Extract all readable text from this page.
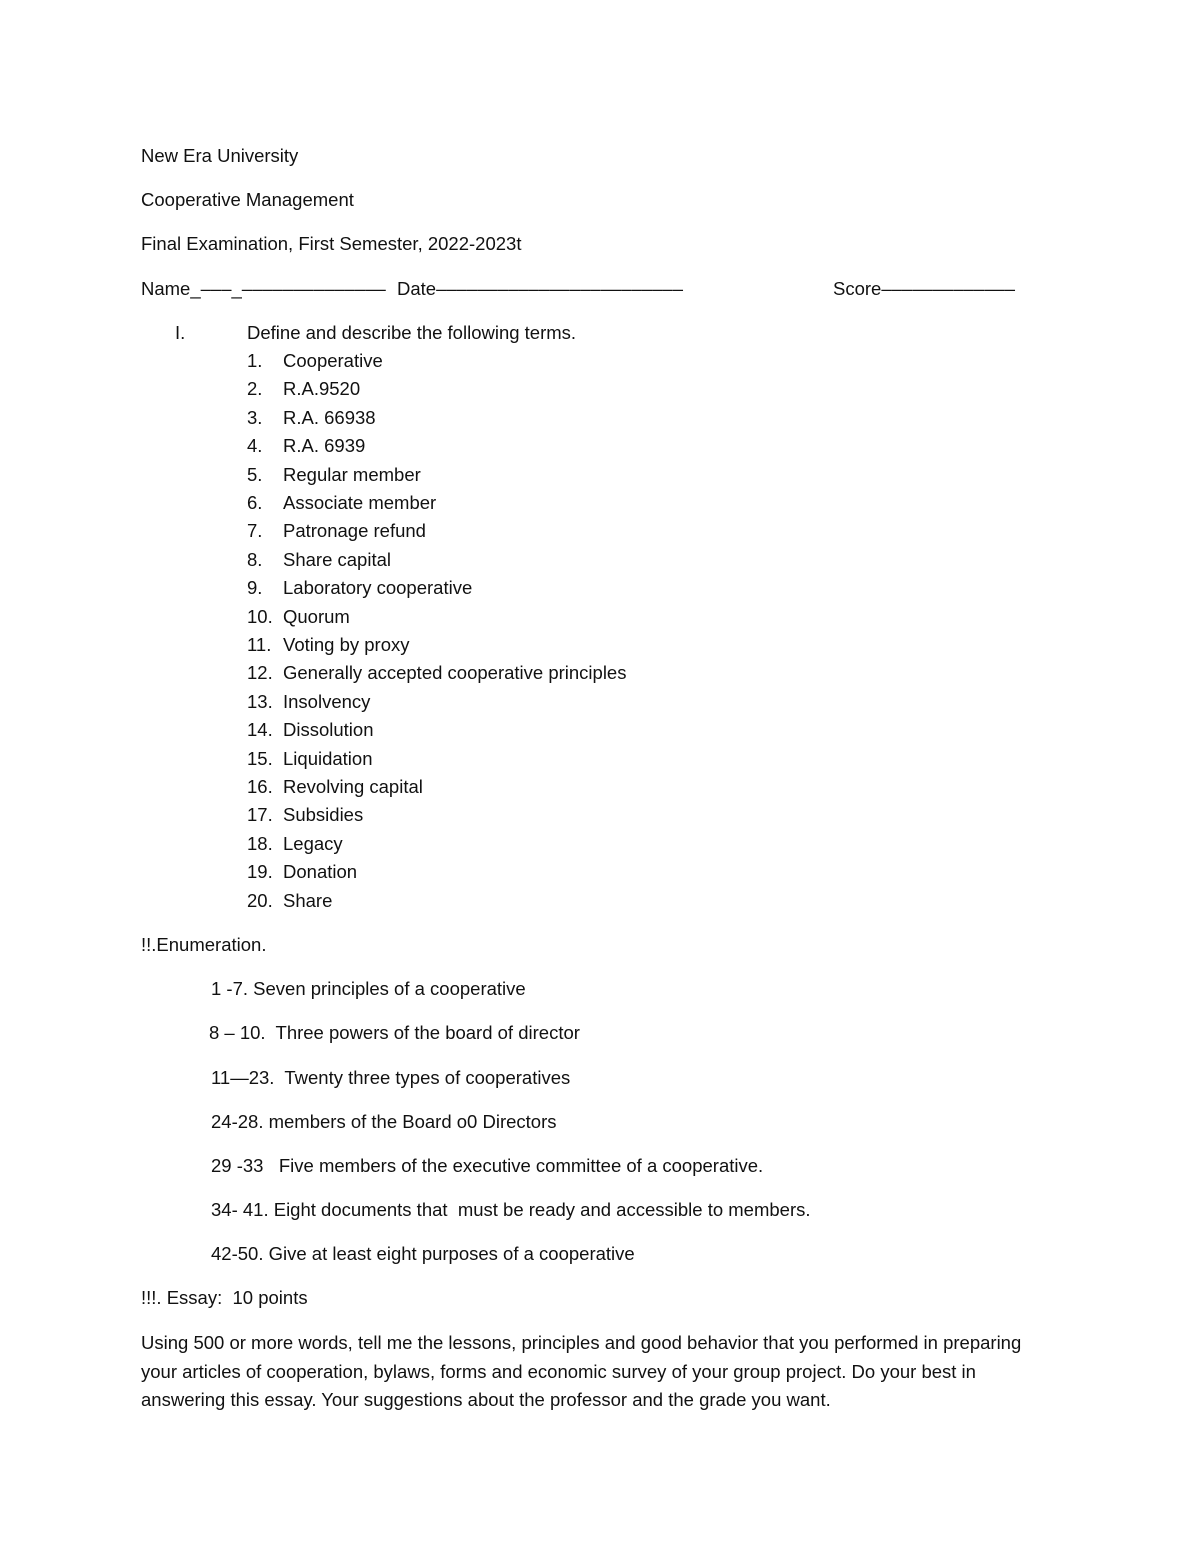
New Era University
Cooperative Management
Final Examination, First Semester, 2022-2023t
Name_–––_–––––––––––––– Date––––––––––––––––––––––––	Score–––––––––––––
I.	Define and describe the following terms.
1. Cooperative
2. R.A.9520
3. R.A. 66938
4. R.A. 6939
5. Regular member
6. Associate member
7. Patronage refund
8. Share capital
9. Laboratory cooperative
10. Quorum
11. Voting by proxy
12. Generally accepted cooperative principles
13. Insolvency
14. Dissolution
15. Liquidation
16. Revolving capital
17. Subsidies
18. Legacy
19. Donation
20. Share
!!.Enumeration.
1 -7. Seven principles of a cooperative
8 – 10.  Three powers of the board of director
11—23.  Twenty three types of cooperatives
24-28. members of the Board o0 Directors
29 -33   Five members of the executive committee of a cooperative.
34- 41. Eight documents that  must be ready and accessible to members.
42-50. Give at least eight purposes of a cooperative
!!!. Essay:  10 points
Using 500 or more words, tell me the lessons, principles and good behavior that you performed in preparing your articles of cooperation, bylaws, forms and economic survey of your group project. Do your best in answering this essay. Your suggestions about the professor and the grade you want.
